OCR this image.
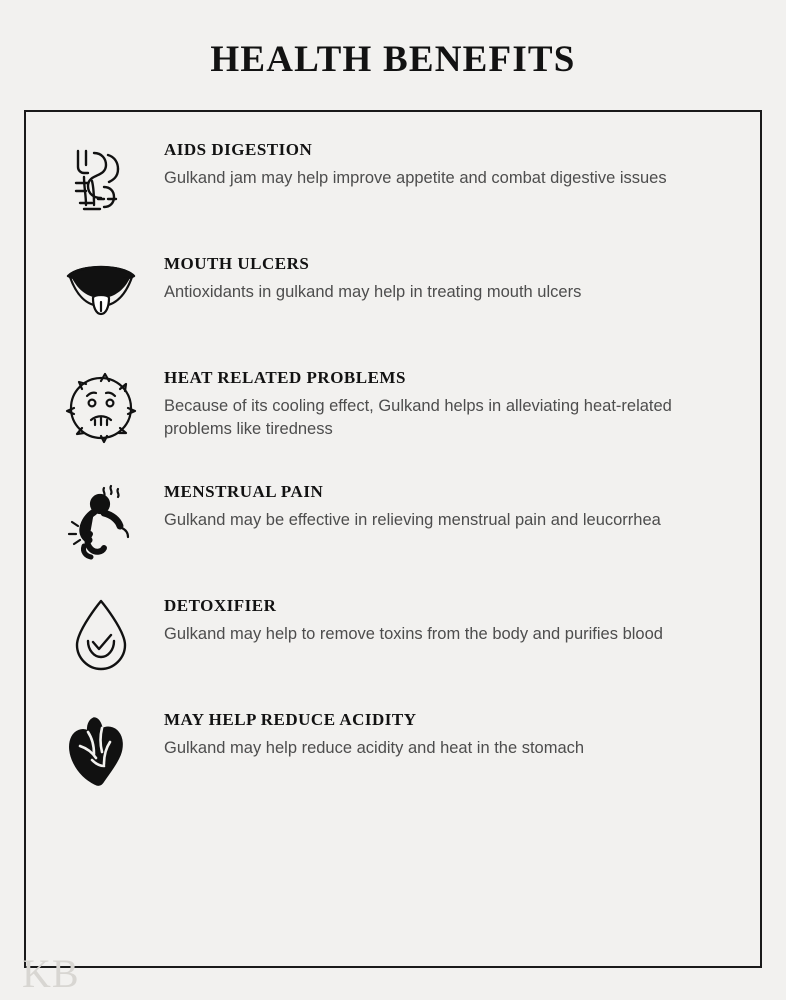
HEALTH BENEFITS
AIDS DIGESTION

Gulkand jam may help improve appetite and combat digestive issues

MOUTH ULCERS

Antioxidants in gulkand may help in treating mouth ulcers

HEAT RELATED PROBLEMS

Because of its cooling effect, Gulkand helps in alleviating heat-related problems like tiredness

MENSTRUAL PAIN

Gulkand may be effective in relieving menstrual pain and leucorrhea

DETOXIFIER

Gulkand may help to remove toxins from the body and purifies blood

MAY HELP REDUCE ACIDITY

Gulkand may help reduce acidity and heat in the stomach

KB
